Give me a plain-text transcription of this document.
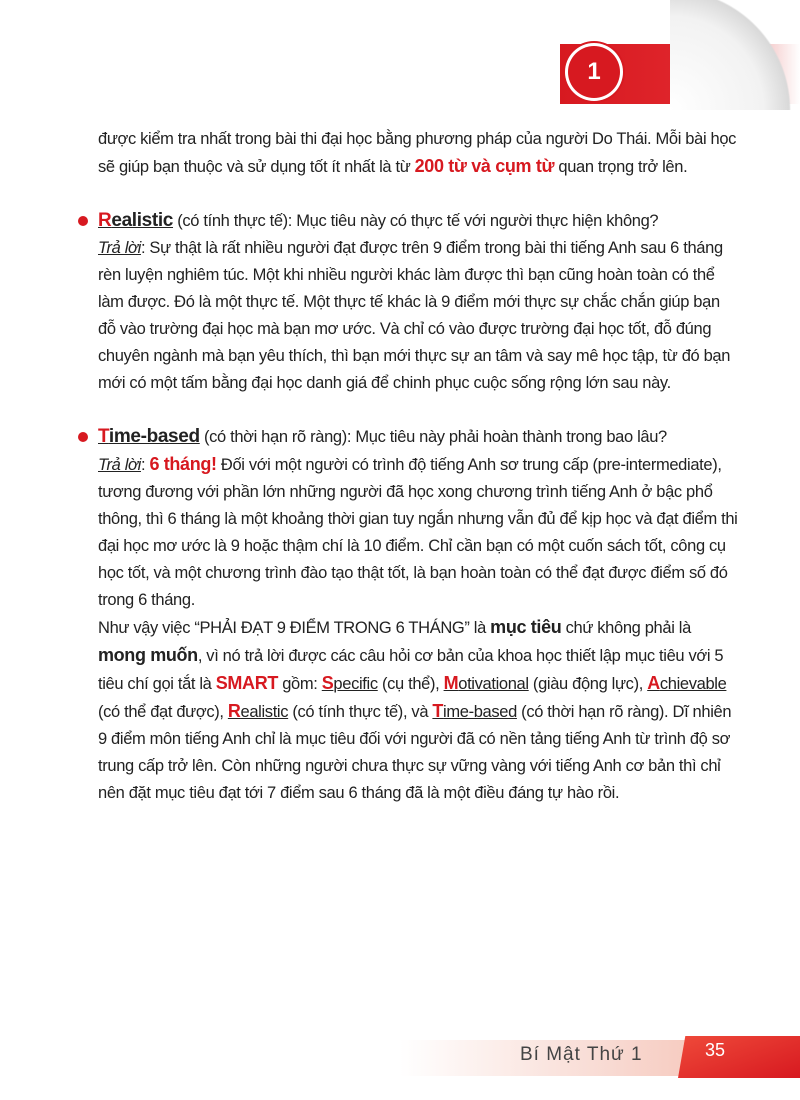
1

được kiểm tra nhất trong bài thi đại học bằng phương pháp của người Do Thái. Mỗi bài học sẽ giúp bạn thuộc và sử dụng tốt ít nhất là từ 200 từ và cụm từ quan trọng trở lên.

Realistic (có tính thực tế): Mục tiêu này có thực tế với người thực hiện không?

Trả lời: Sự thật là rất nhiều người đạt được trên 9 điểm trong bài thi tiếng Anh sau 6 tháng rèn luyện nghiêm túc. Một khi nhiều người khác làm được thì bạn cũng hoàn toàn có thể làm được. Đó là một thực tế. Một thực tế khác là 9 điểm mới thực sự chắc chắn giúp bạn đỗ vào trường đại học mà bạn mơ ước. Và chỉ có vào được trường đại học tốt, đỗ đúng chuyên ngành mà bạn yêu thích, thì bạn mới thực sự an tâm và say mê học tập, từ đó bạn mới có một tấm bằng đại học danh giá để chinh phục cuộc sống rộng lớn sau này.

Time-based (có thời hạn rõ ràng): Mục tiêu này phải hoàn thành trong bao lâu?

Trả lời: 6 tháng! Đối với một người có trình độ tiếng Anh sơ trung cấp (pre-intermediate), tương đương với phần lớn những người đã học xong chương trình tiếng Anh ở bậc phổ thông, thì 6 tháng là một khoảng thời gian tuy ngắn nhưng vẫn đủ để kịp học và đạt điểm thi đại học mơ ước là 9 hoặc thậm chí là 10 điểm. Chỉ cần bạn có một cuốn sách tốt, công cụ học tốt, và một chương trình đào tạo thật tốt, là bạn hoàn toàn có thể đạt được điểm số đó trong 6 tháng.

Như vậy việc “PHẢI ĐẠT 9 ĐIỂM TRONG 6 THÁNG” là mục tiêu chứ không phải là mong muốn, vì nó trả lời được các câu hỏi cơ bản của khoa học thiết lập mục tiêu với 5 tiêu chí gọi tắt là SMART gồm: Specific (cụ thể), Motivational (giàu động lực), Achievable (có thể đạt được), Realistic (có tính thực tế), và Time-based (có thời hạn rõ ràng). Dĩ nhiên 9 điểm môn tiếng Anh chỉ là mục tiêu đối với người đã có nền tảng tiếng Anh từ trình độ sơ trung cấp trở lên. Còn những người chưa thực sự vững vàng với tiếng Anh cơ bản thì chỉ nên đặt mục tiêu đạt tới 7 điểm sau 6 tháng đã là một điều đáng tự hào rồi.

Bí Mật Thứ 1	35
